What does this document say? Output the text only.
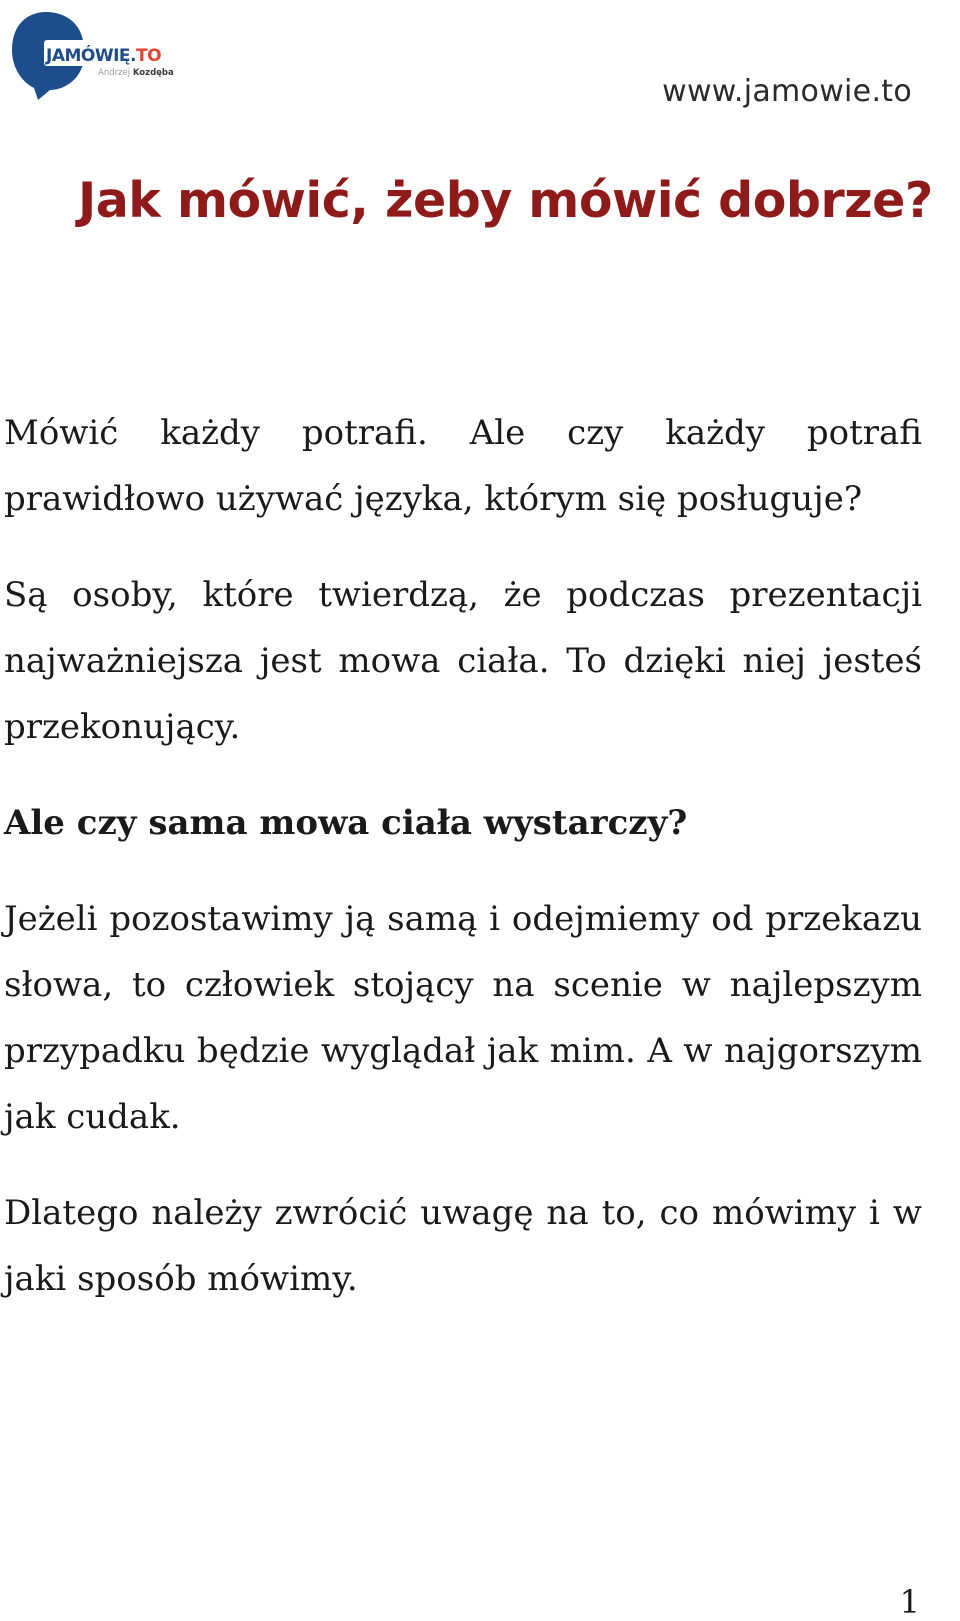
JAMÓWIĘ.TO
Andrzej Kozdęba
www.jamowie.to
Jak mówić, żeby mówić dobrze?

Mówić każdy potrafi. Ale czy każdy potrafi prawidłowo używać języka, którym się posługuje?

Są osoby, które twierdzą, że podczas prezentacji najważniejsza jest mowa ciała. To dzięki niej jesteś przekonujący.

Ale czy sama mowa ciała wystarczy?

Jeżeli pozostawimy ją samą i odejmiemy od przekazu słowa, to człowiek stojący na scenie w najlepszym przypadku będzie wyglądał jak mim. A w najgorszym jak cudak.

Dlatego należy zwrócić uwagę na to, co mówimy i w jaki sposób mówimy.

1
